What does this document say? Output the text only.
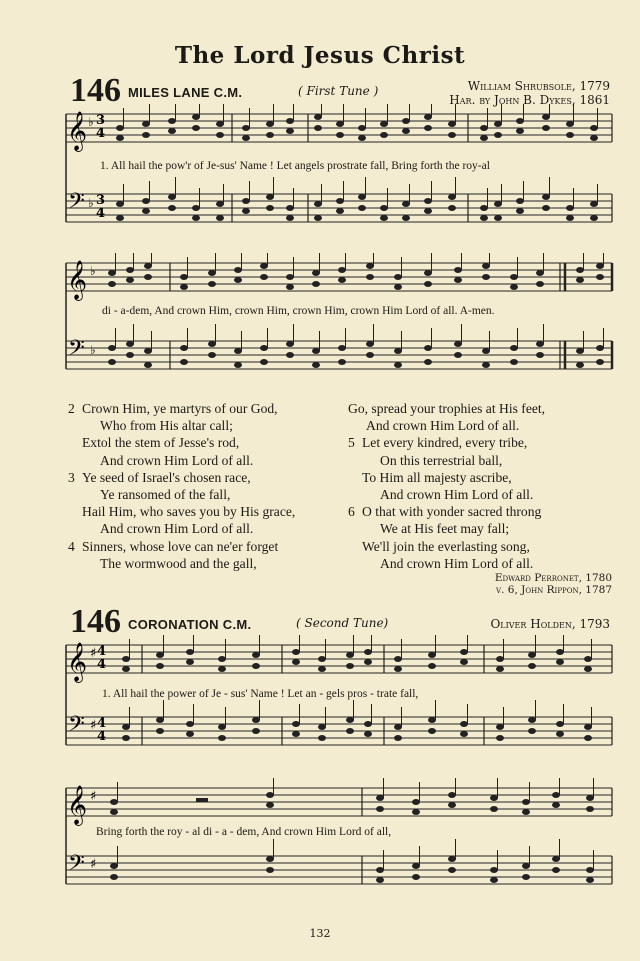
The Lord Jesus Christ
146 MILES LANE C.M.	( First Tune )	William Shrubsole, 1779
Har. by John B. Dykes, 1861
𝄞
𝄢
♭
♭
3
4
3
4
1. All hail the pow'r of Je-sus' Name ! Let angels prostrate fall, Bring forth the roy-al
𝄞
𝄢
♭
♭
di - a-dem, And crown Him, crown Him, crown Him, crown Him Lord of all. A-men.
2 Crown Him, ye martyrs of our God,
Who from His altar call;
Extol the stem of Jesse's rod,
And crown Him Lord of all.
3 Ye seed of Israel's chosen race,
Ye ransomed of the fall,
Hail Him, who saves you by His grace,
And crown Him Lord of all.
4 Sinners, whose love can ne'er forget
The wormwood and the gall,
Go, spread your trophies at His feet,
And crown Him Lord of all.
5 Let every kindred, every tribe,
On this terrestrial ball,
To Him all majesty ascribe,
And crown Him Lord of all.
6 O that with yonder sacred throng
We at His feet may fall;
We'll join the everlasting song,
And crown Him Lord of all.
Edward Perronet, 1780
v. 6, John Rippon, 1787
146 CORONATION C.M.	( Second Tune)	Oliver Holden, 1793
𝄞
𝄢
♯
♯
4
4
4
4
1. All hail the power of Je - sus' Name ! Let an - gels pros - trate fall,
𝄞
𝄢
♯
♯
Bring forth the roy - al di - a - dem, And crown Him Lord of all,
132
